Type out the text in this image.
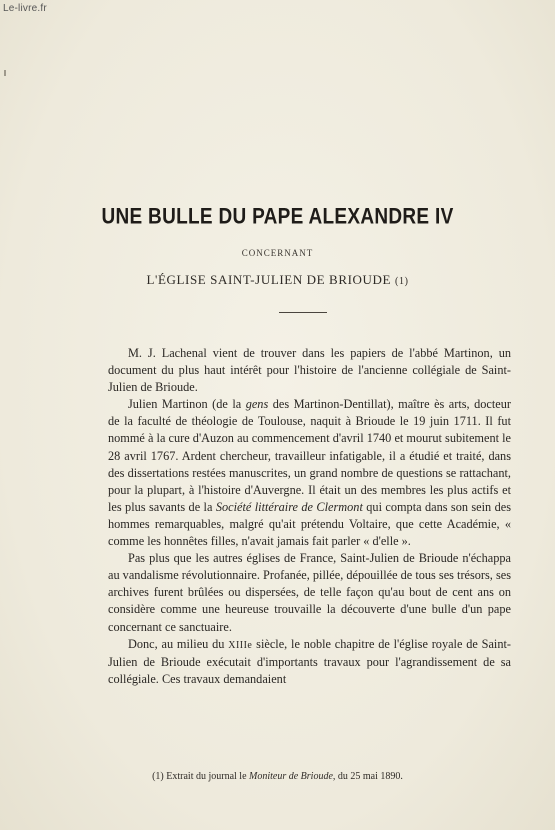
Le-livre.fr
UNE BULLE DU PAPE ALEXANDRE IV
CONCERNANT
L'ÉGLISE SAINT-JULIEN DE BRIOUDE (1)

M. J. Lachenal vient de trouver dans les papiers de l'abbé Martinon, un document du plus haut intérêt pour l'histoire de l'ancienne collégiale de Saint-Julien de Brioude.

Julien Martinon (de la gens des Martinon-Dentillat), maître ès arts, docteur de la faculté de théologie de Toulouse, naquit à Brioude le 19 juin 1711. Il fut nommé à la cure d'Auzon au commencement d'avril 1740 et mourut subitement le 28 avril 1767. Ardent chercheur, travailleur infatigable, il a étudié et traité, dans des dissertations restées manuscrites, un grand nombre de questions se rattachant, pour la plupart, à l'histoire d'Auvergne. Il était un des membres les plus actifs et les plus savants de la Société littéraire de Clermont qui compta dans son sein des hommes remarquables, malgré qu'ait prétendu Voltaire, que cette Académie, « comme les honnêtes filles, n'avait jamais fait parler « d'elle ».

Pas plus que les autres églises de France, Saint-Julien de Brioude n'échappa au vandalisme révolutionnaire. Profanée, pillée, dépouillée de tous ses trésors, ses archives furent brûlées ou dispersées, de telle façon qu'au bout de cent ans on considère comme une heureuse trouvaille la découverte d'une bulle d'un pape concernant ce sanctuaire.

Donc, au milieu du XIIIe siècle, le noble chapitre de l'église royale de Saint-Julien de Brioude exécutait d'importants travaux pour l'agrandissement de sa collégiale. Ces travaux demandaient

(1) Extrait du journal le Moniteur de Brioude, du 25 mai 1890.
